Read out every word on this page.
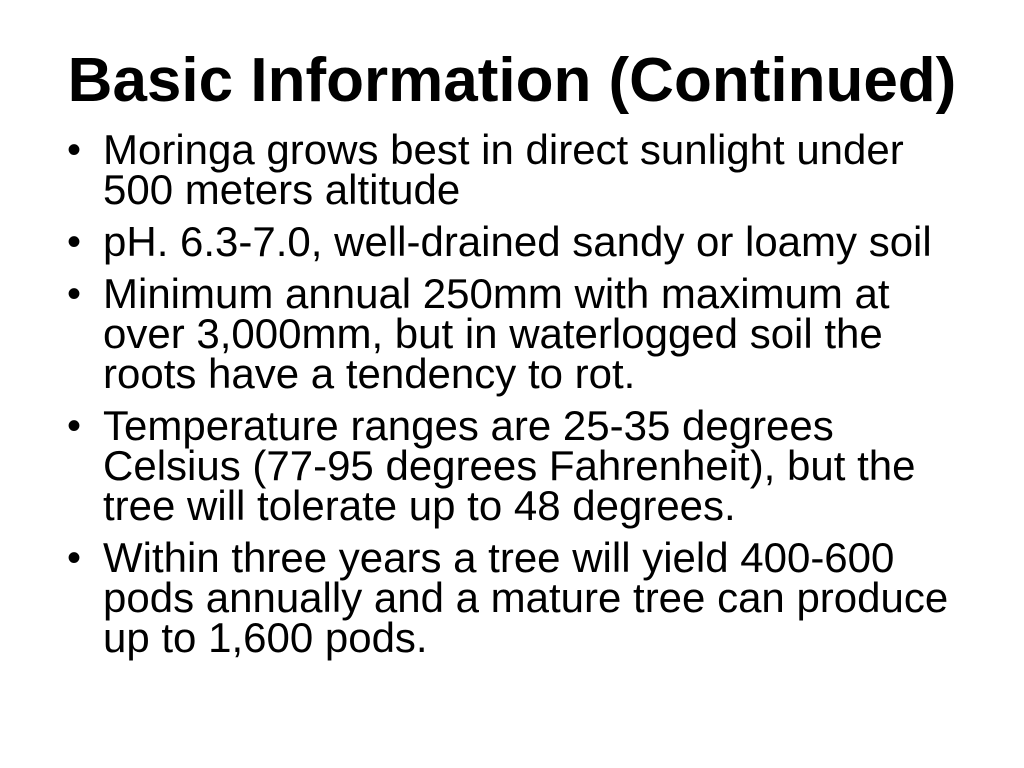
Basic Information (Continued)
• Moringa grows best in direct sunlight under
500 meters altitude
• pH. 6.3-7.0, well-drained sandy or loamy soil
• Minimum annual 250mm with maximum at
over 3,000mm, but in waterlogged soil the
roots have a tendency to rot.
• Temperature ranges are 25-35 degrees
Celsius (77-95 degrees Fahrenheit), but the
tree will tolerate up to 48 degrees.
• Within three years a tree will yield 400-600
pods annually and a mature tree can produce
up to 1,600 pods.
